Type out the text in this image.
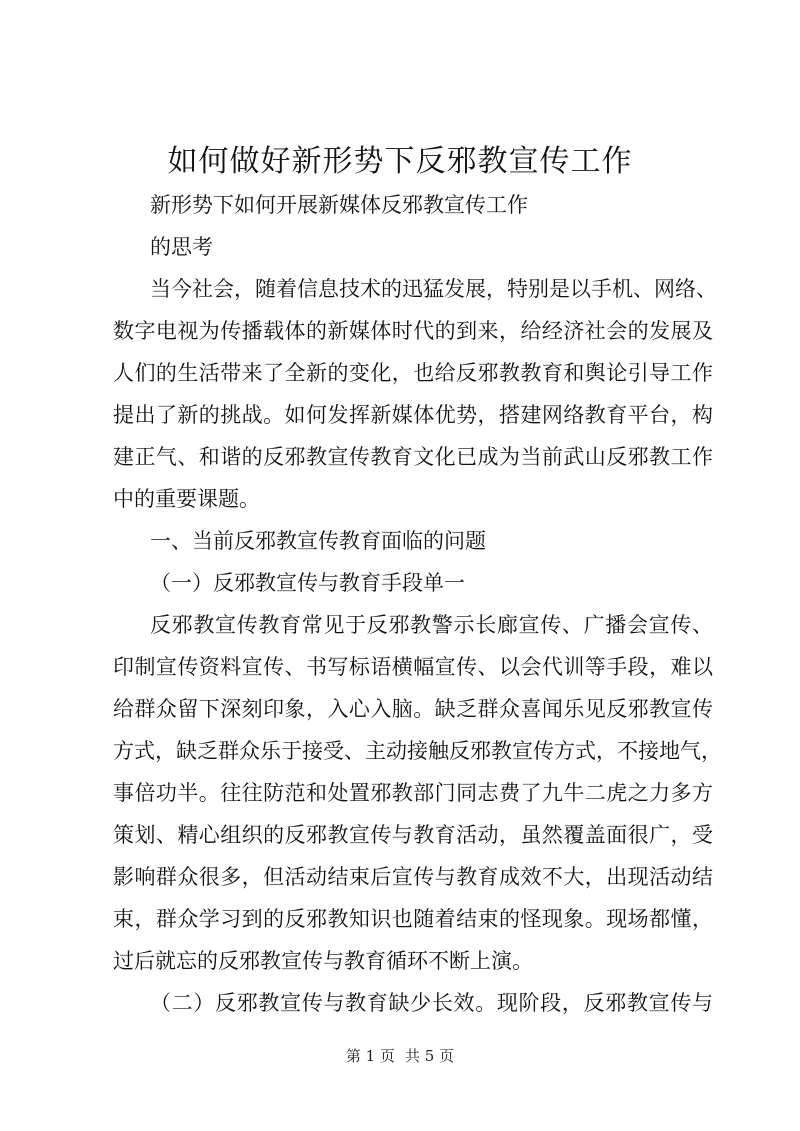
如何做好新形势下反邪教宣传工作
新形势下如何开展新媒体反邪教宣传工作
的思考
当今社会，随着信息技术的迅猛发展，特别是以手机、网络、
数字电视为传播载体的新媒体时代的到来，给经济社会的发展及
人们的生活带来了全新的变化，也给反邪教教育和舆论引导工作
提出了新的挑战。如何发挥新媒体优势，搭建网络教育平台，构
建正气、和谐的反邪教宣传教育文化已成为当前武山反邪教工作
中的重要课题。
一、当前反邪教宣传教育面临的问题
（一）反邪教宣传与教育手段单一
反邪教宣传教育常见于反邪教警示长廊宣传、广播会宣传、
印制宣传资料宣传、书写标语横幅宣传、以会代训等手段，难以
给群众留下深刻印象，入心入脑。缺乏群众喜闻乐见反邪教宣传
方式，缺乏群众乐于接受、主动接触反邪教宣传方式，不接地气，
事倍功半。往往防范和处置邪教部门同志费了九牛二虎之力多方
策划、精心组织的反邪教宣传与教育活动，虽然覆盖面很广，受
影响群众很多，但活动结束后宣传与教育成效不大，出现活动结
束，群众学习到的反邪教知识也随着结束的怪现象。现场都懂，
过后就忘的反邪教宣传与教育循环不断上演。
（二）反邪教宣传与教育缺少长效。现阶段，反邪教宣传与
第 1 页 共 5 页
